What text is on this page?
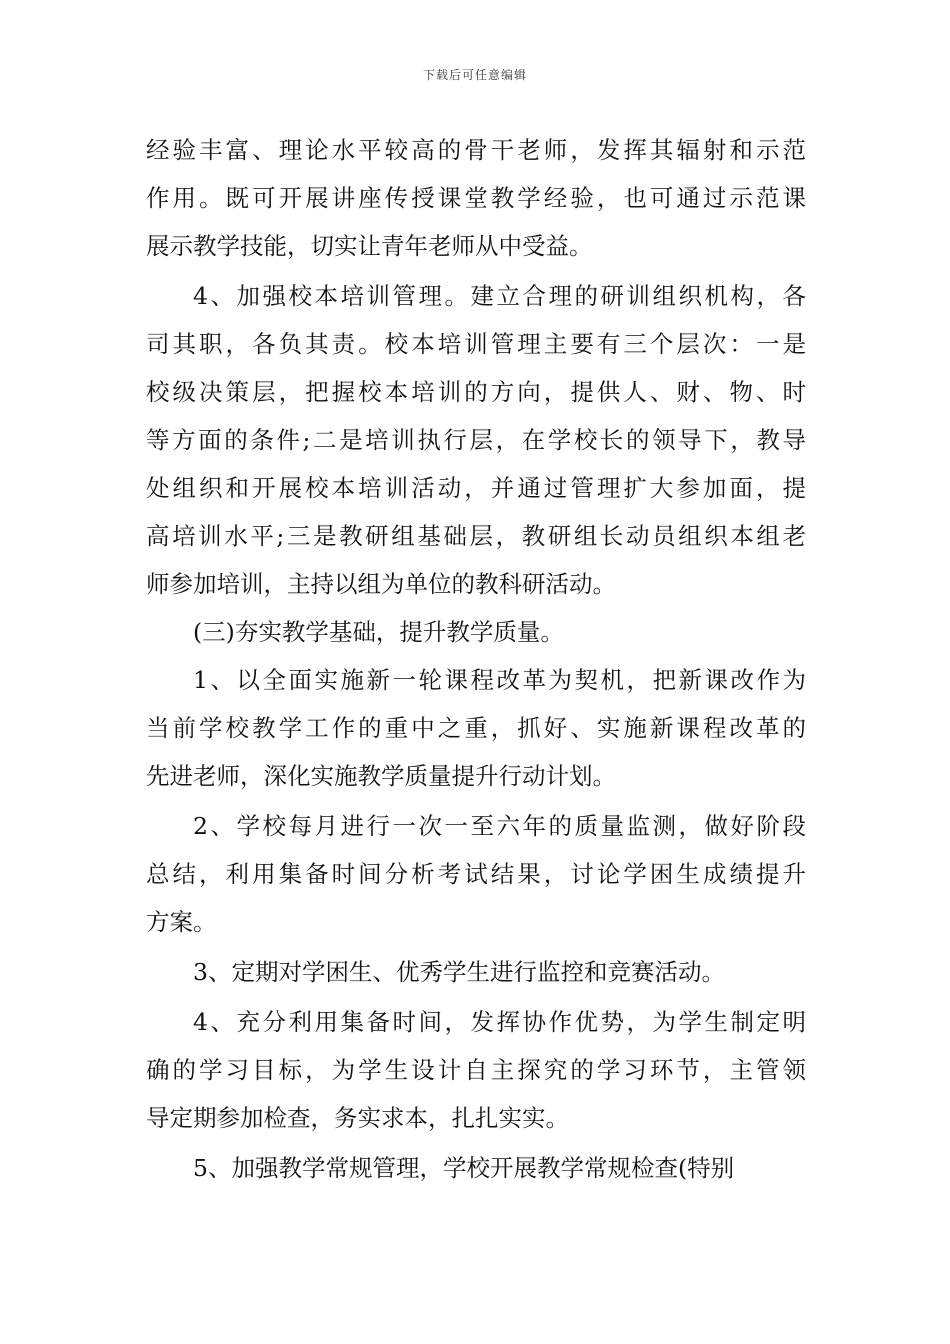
下载后可任意编辑
经验丰富、理论水平较高的骨干老师，发挥其辐射和示范
作用。既可开展讲座传授课堂教学经验，也可通过示范课
展示教学技能，切实让青年老师从中受益。
4、加强校本培训管理。建立合理的研训组织机构，各
司其职，各负其责。校本培训管理主要有三个层次：一是
校级决策层，把握校本培训的方向，提供人、财、物、时
等方面的条件;二是培训执行层，在学校长的领导下，教导
处组织和开展校本培训活动，并通过管理扩大参加面，提
高培训水平;三是教研组基础层，教研组长动员组织本组老
师参加培训，主持以组为单位的教科研活动。
(三)夯实教学基础，提升教学质量。
1、以全面实施新一轮课程改革为契机，把新课改作为
当前学校教学工作的重中之重，抓好、实施新课程改革的
先进老师，深化实施教学质量提升行动计划。
2、学校每月进行一次一至六年的质量监测，做好阶段
总结，利用集备时间分析考试结果，讨论学困生成绩提升
方案。
3、定期对学困生、优秀学生进行监控和竞赛活动。
4、充分利用集备时间，发挥协作优势，为学生制定明
确的学习目标，为学生设计自主探究的学习环节，主管领
导定期参加检查，务实求本，扎扎实实。
5、加强教学常规管理，学校开展教学常规检查(特别
